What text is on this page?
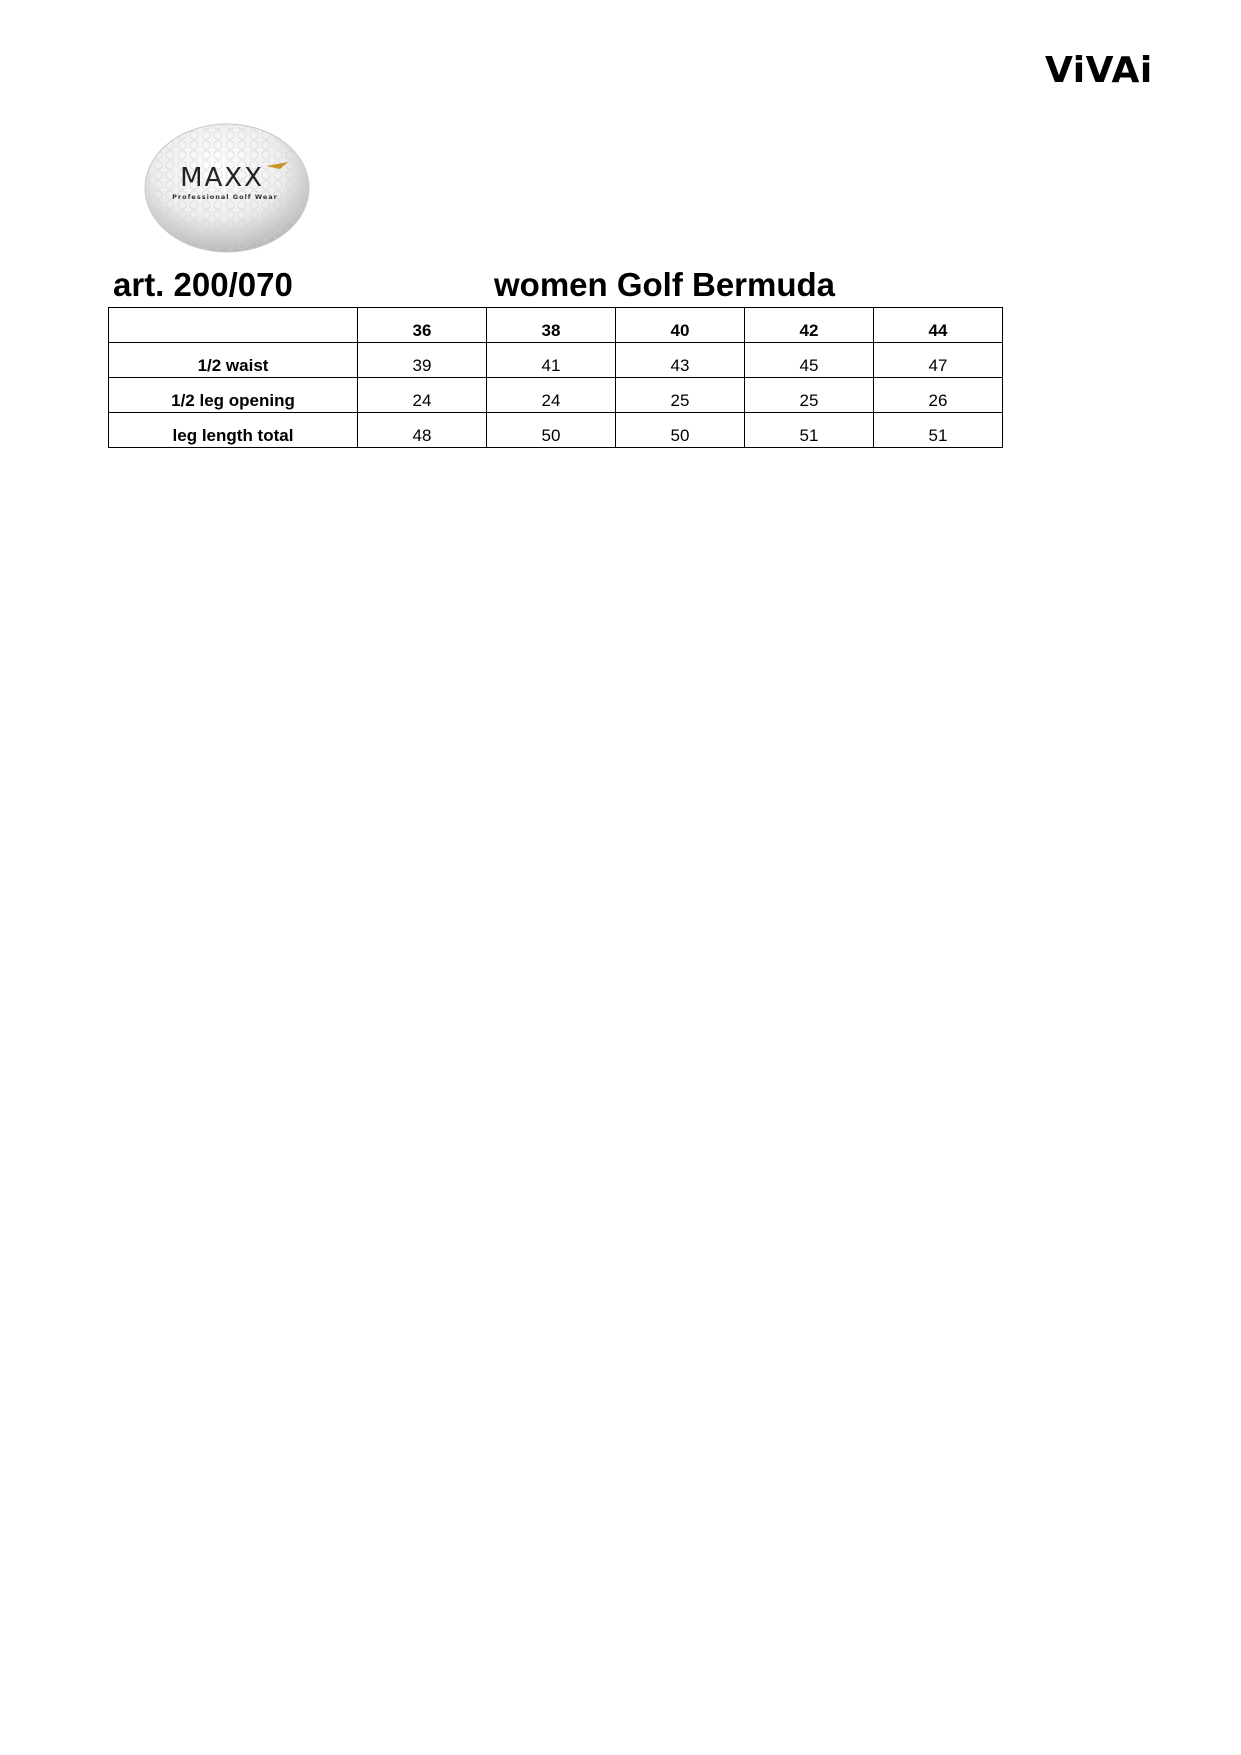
ViVAi
MAXX
Professional Golf Wear
art. 200/070	women Golf Bermuda
	36	38	40	42	44
1/2 waist	39	41	43	45	47
1/2 leg opening	24	24	25	25	26
leg length total	48	50	50	51	51
